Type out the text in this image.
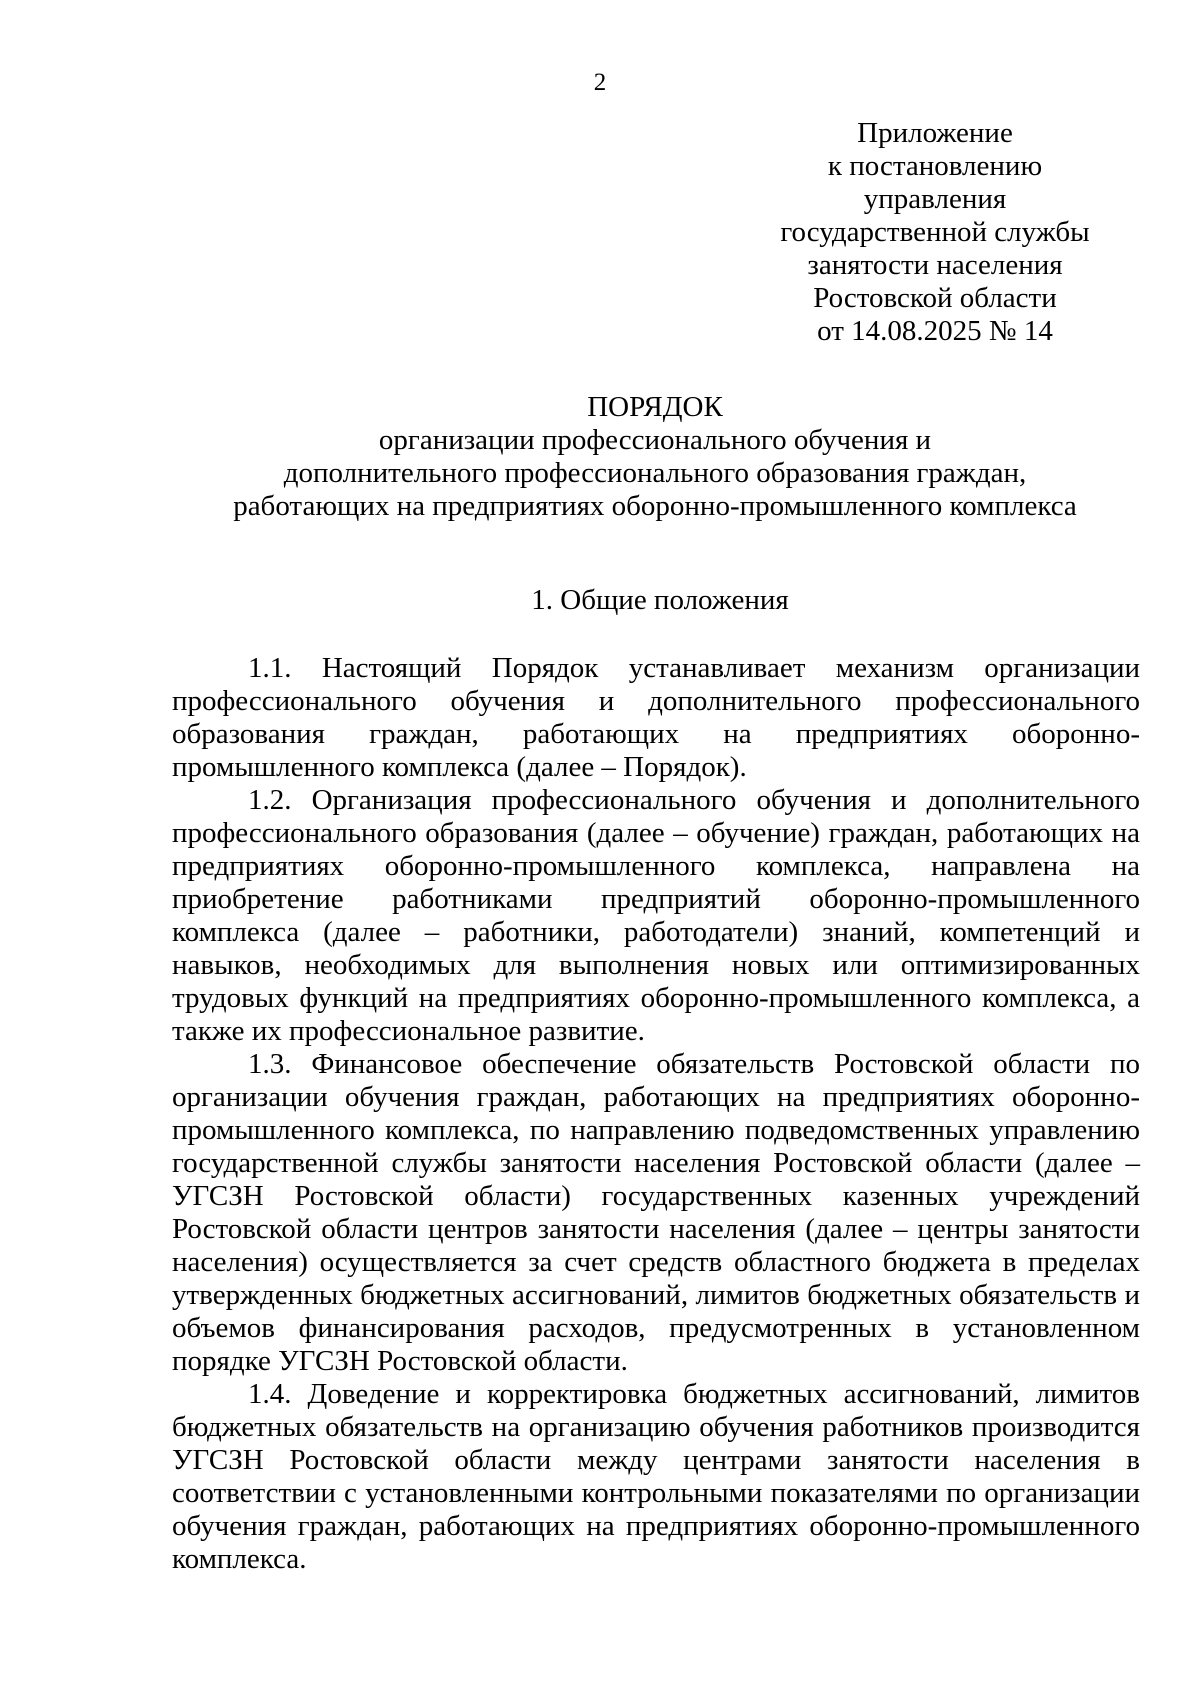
2
Приложение
к постановлению
управления
государственной службы
занятости населения
Ростовской области
от 14.08.2025 № 14
ПОРЯДОК
организации профессионального обучения и
дополнительного профессионального образования граждан,
работающих на предприятиях оборонно-промышленного комплекса
1. Общие положения

1.1. Настоящий Порядок устанавливает механизм организации профессионального обучения и дополнительного профессионального образования граждан, работающих на предприятиях оборонно-промышленного комплекса (далее – Порядок).

1.2. Организация профессионального обучения и дополнительного профессионального образования (далее – обучение) граждан, работающих на предприятиях оборонно-промышленного комплекса, направлена на приобретение работниками предприятий оборонно-промышленного комплекса (далее – работники, работодатели) знаний, компетенций и навыков, необходимых для выполнения новых или оптимизированных трудовых функций на предприятиях оборонно-промышленного комплекса, а также их профессиональное развитие.

1.3. Финансовое обеспечение обязательств Ростовской области по организации обучения граждан, работающих на предприятиях оборонно-промышленного комплекса, по направлению подведомственных управлению государственной службы занятости населения Ростовской области (далее – УГСЗН Ростовской области) государственных казенных учреждений Ростовской области центров занятости населения (далее – центры занятости населения) осуществляется за счет средств областного бюджета в пределах утвержденных бюджетных ассигнований, лимитов бюджетных обязательств и объемов финансирования расходов, предусмотренных в установленном порядке УГСЗН Ростовской области.

1.4. Доведение и корректировка бюджетных ассигнований, лимитов бюджетных обязательств на организацию обучения работников производится УГСЗН Ростовской области между центрами занятости населения в соответствии с установленными контрольными показателями по организации обучения граждан, работающих на предприятиях оборонно-промышленного комплекса.
